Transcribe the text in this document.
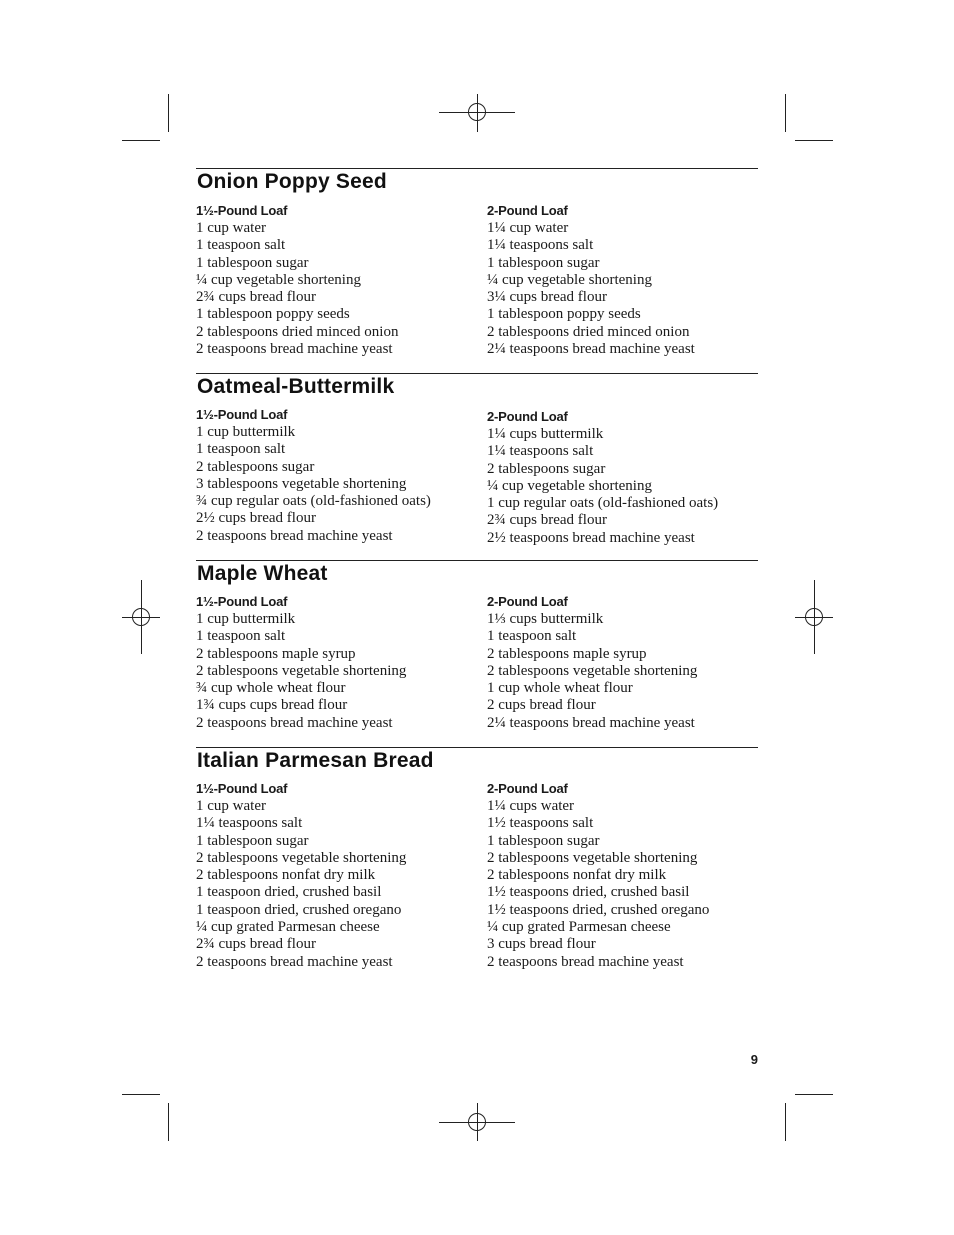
Onion Poppy Seed
1½-Pound Loaf
1 cup water
1 teaspoon salt
1 tablespoon sugar
¼ cup vegetable shortening
2¾ cups bread flour
1 tablespoon poppy seeds
2 tablespoons dried minced onion
2 teaspoons bread machine yeast
2-Pound Loaf
1¼ cup water
1¼ teaspoons salt
1 tablespoon sugar
¼ cup vegetable shortening
3¼ cups bread flour
1 tablespoon poppy seeds
2 tablespoons dried minced onion
2¼ teaspoons bread machine yeast
Oatmeal-Buttermilk
1½-Pound Loaf
1 cup buttermilk
1 teaspoon salt
2 tablespoons sugar
3 tablespoons vegetable shortening
¾ cup regular oats (old-fashioned oats)
2½ cups bread flour
2 teaspoons bread machine yeast
2-Pound Loaf
1¼ cups buttermilk
1¼ teaspoons salt
2 tablespoons sugar
¼ cup vegetable shortening
1 cup regular oats (old-fashioned oats)
2¾ cups bread flour
2½ teaspoons bread machine yeast
Maple Wheat
1½-Pound Loaf
1 cup buttermilk
1 teaspoon salt
2 tablespoons maple syrup
2 tablespoons vegetable shortening
¾ cup whole wheat flour
1¾ cups cups bread flour
2 teaspoons bread machine yeast
2-Pound Loaf
1⅓ cups buttermilk
1 teaspoon salt
2 tablespoons maple syrup
2 tablespoons vegetable shortening
1 cup whole wheat flour
2 cups bread flour
2¼ teaspoons bread machine yeast
Italian Parmesan Bread
1½-Pound Loaf
1 cup water
1¼ teaspoons salt
1 tablespoon sugar
2 tablespoons vegetable shortening
2 tablespoons nonfat dry milk
1 teaspoon dried, crushed basil
1 teaspoon dried, crushed oregano
¼ cup grated Parmesan cheese
2¾ cups bread flour
2 teaspoons bread machine yeast
2-Pound Loaf
1¼ cups water
1½ teaspoons salt
1 tablespoon sugar
2 tablespoons vegetable shortening
2 tablespoons nonfat dry milk
1½ teaspoons dried, crushed basil
1½ teaspoons dried, crushed oregano
¼ cup grated Parmesan cheese
3 cups bread flour
2 teaspoons bread machine yeast
9
